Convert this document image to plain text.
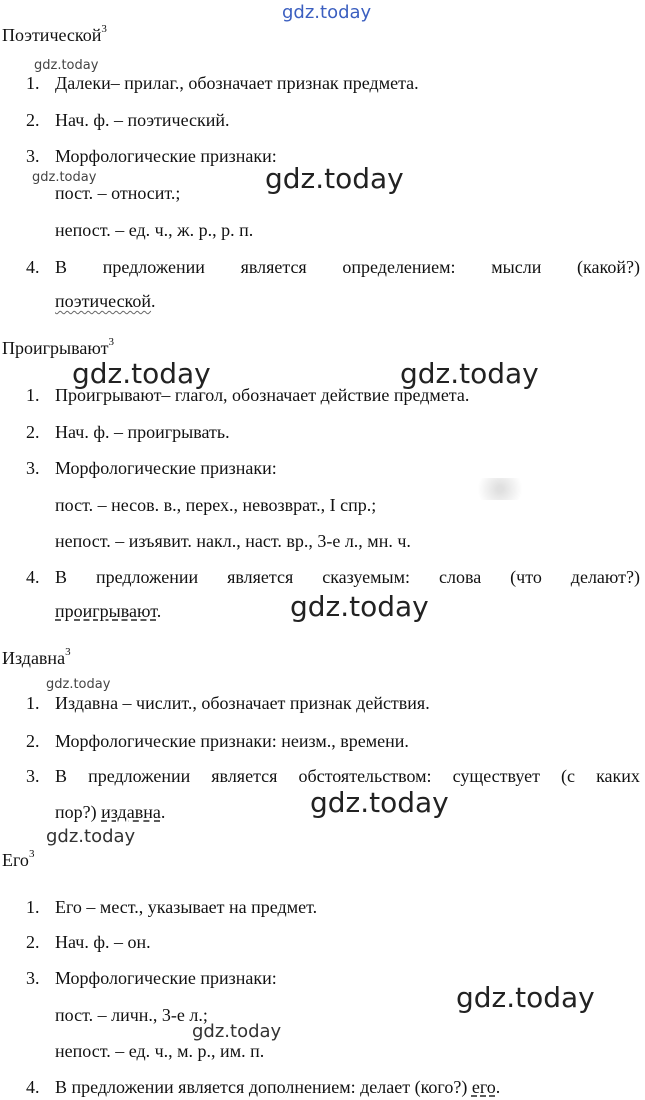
gdz.today
Поэтической$^3$
gdz.today
1. Далеки– прилаг., обозначает признак предмета.
2. Нач. ф. – поэтический.
3. Морфологические признаки:
gdz.today	gdz.today
пост. – относит.;
непост. – ед. ч., ж. р., р. п.
4. В предложении является определением: мысли (какой?)
поэтической.
Проигрывают$^3$
gdz.today	gdz.today
1. Проигрывают– глагол, обозначает действие предмета.
2. Нач. ф. – проигрывать.
3. Морфологические признаки:
пост. – несов. в., перех., невозврат., I спр.;
непост. – изъявит. накл., наст. вр., 3-е л., мн. ч.
4. В предложении является сказуемым: слова (что делают?)
gdz.today
проигрывают.
Издавна$^3$
gdz.today
1. Издавна – числит., обозначает признак действия.
2. Морфологические признаки: неизм., времени.
3. В предложении является обстоятельством: существует (с каких
gdz.today
пор?) издавна.
gdz.today
Его$^3$
1. Его – мест., указывает на предмет.
2. Нач. ф. – он.
3. Морфологические признаки:
gdz.today
пост. – личн., 3-е л.;
gdz.today
непост. – ед. ч., м. р., им. п.
4. В предложении является дополнением: делает (кого?) его.
